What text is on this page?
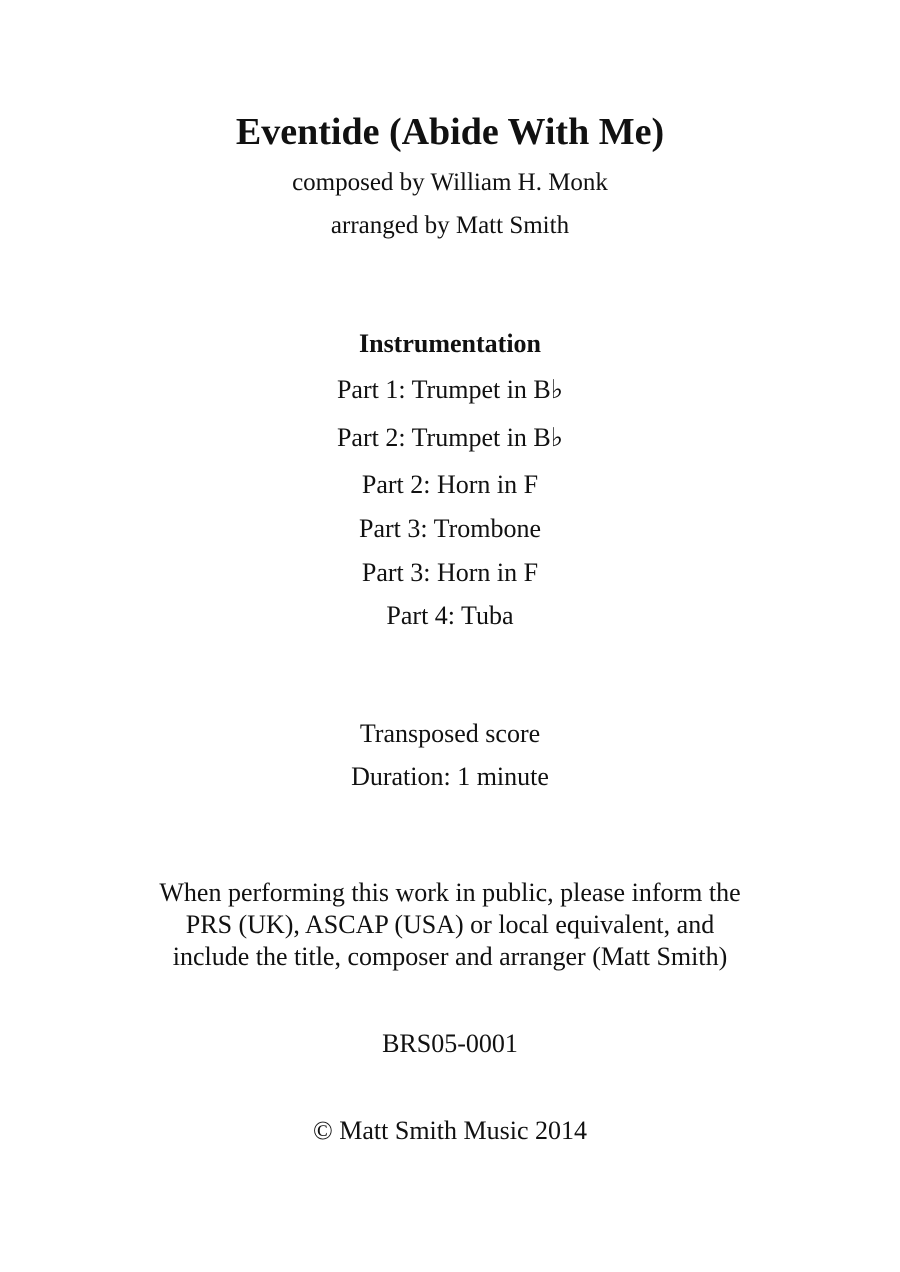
Eventide (Abide With Me)

composed by William H. Monk

arranged by Matt Smith

Instrumentation

Part 1: Trumpet in B♭

Part 2: Trumpet in B♭

Part 2: Horn in F

Part 3: Trombone

Part 3: Horn in F

Part 4: Tuba

Transposed score

Duration: 1 minute

When performing this work in public, please inform the
PRS (UK), ASCAP (USA) or local equivalent, and
include the title, composer and arranger (Matt Smith)

BRS05-0001

© Matt Smith Music 2014
